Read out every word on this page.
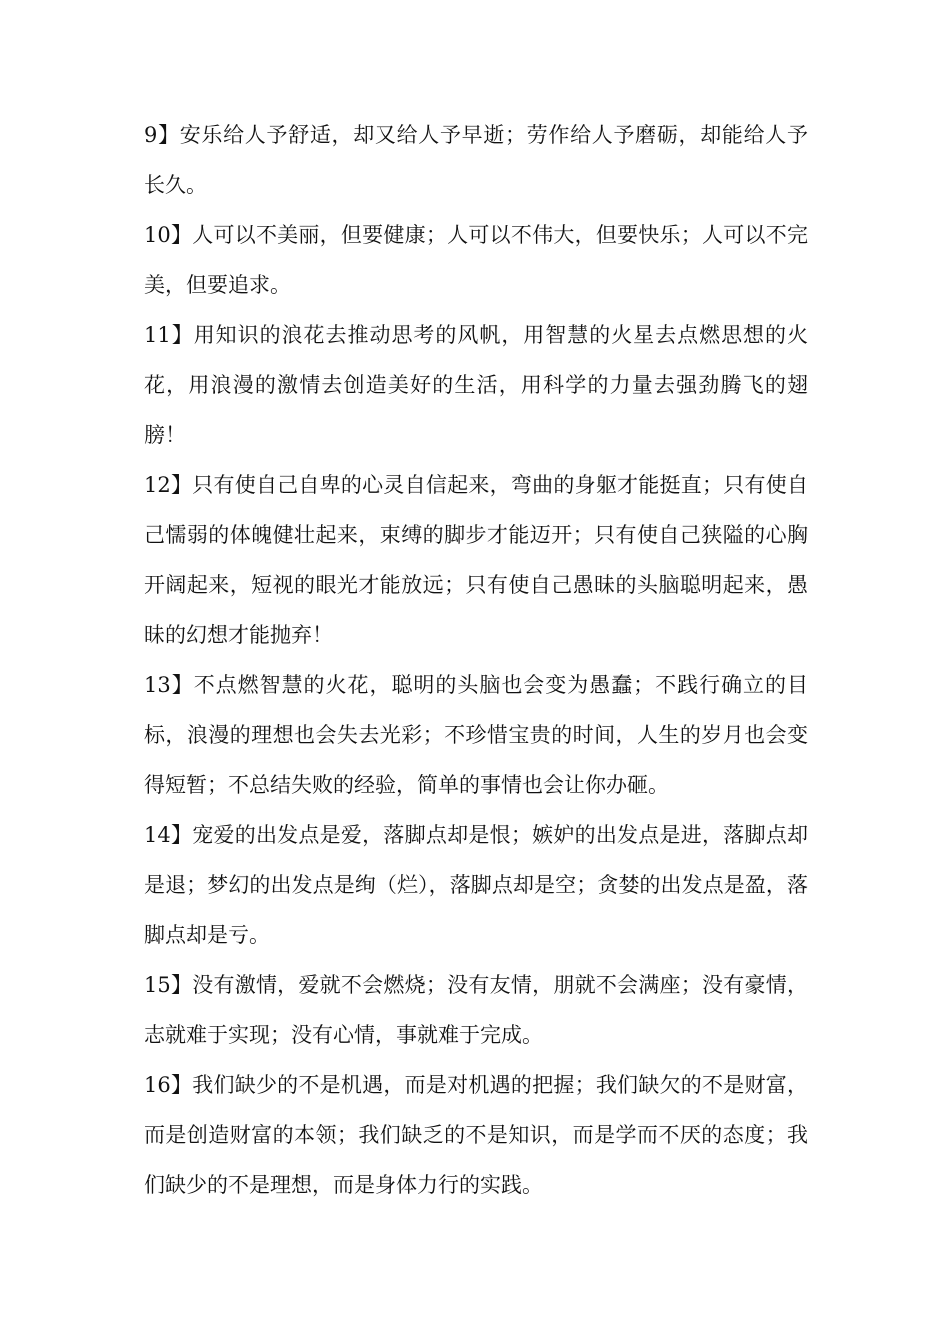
9】安乐给人予舒适，却又给人予早逝；劳作给人予磨砺，却能给人予长久。

10】人可以不美丽，但要健康；人可以不伟大，但要快乐；人可以不完美，但要追求。

11】用知识的浪花去推动思考的风帆，用智慧的火星去点燃思想的火花，用浪漫的激情去创造美好的生活，用科学的力量去强劲腾飞的翅膀！

12】只有使自己自卑的心灵自信起来，弯曲的身躯才能挺直；只有使自己懦弱的体魄健壮起来，束缚的脚步才能迈开；只有使自己狭隘的心胸开阔起来，短视的眼光才能放远；只有使自己愚昧的头脑聪明起来，愚昧的幻想才能抛弃！

13】不点燃智慧的火花，聪明的头脑也会变为愚蠢；不践行确立的目标，浪漫的理想也会失去光彩；不珍惜宝贵的时间，人生的岁月也会变得短暂；不总结失败的经验，简单的事情也会让你办砸。

14】宠爱的出发点是爱，落脚点却是恨；嫉妒的出发点是进，落脚点却是退；梦幻的出发点是绚（烂），落脚点却是空；贪婪的出发点是盈，落脚点却是亏。

15】没有激情，爱就不会燃烧；没有友情，朋就不会满座；没有豪情，志就难于实现；没有心情，事就难于完成。

16】我们缺少的不是机遇，而是对机遇的把握；我们缺欠的不是财富，而是创造财富的本领；我们缺乏的不是知识，而是学而不厌的态度；我们缺少的不是理想，而是身体力行的实践。
